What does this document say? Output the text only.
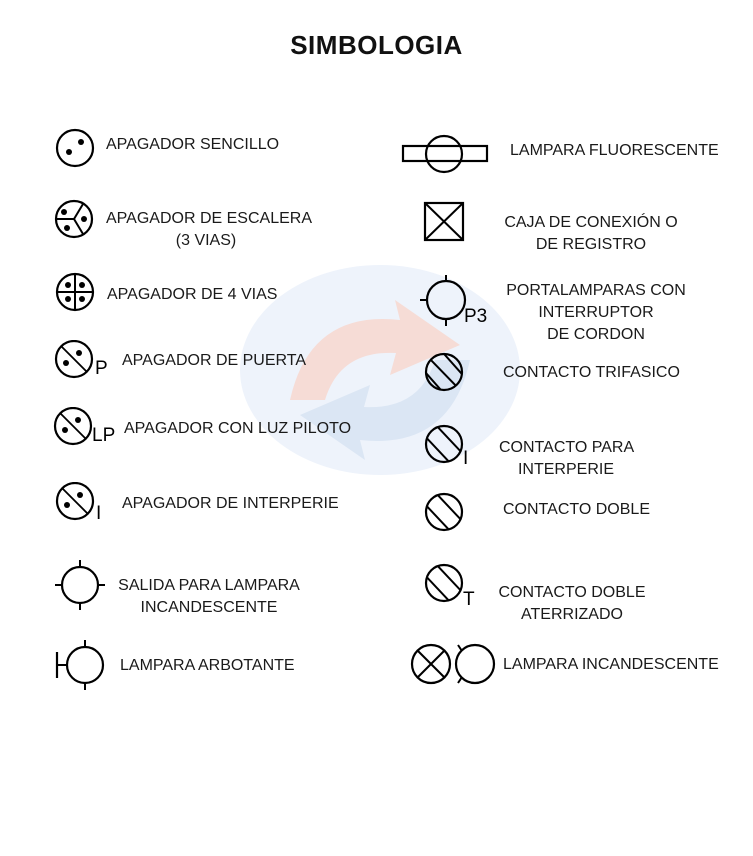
SIMBOLOGIA
APAGADOR SENCILLO
APAGADOR DE ESCALERA
(3 VIAS)
APAGADOR DE 4 VIAS
P APAGADOR DE PUERTA
LP APAGADOR CON LUZ PILOTO
I APAGADOR DE INTERPERIE
SALIDA PARA LAMPARA
INCANDESCENTE
LAMPARA ARBOTANTE
LAMPARA FLUORESCENTE
CAJA DE CONEXIÓN O
DE REGISTRO
P3
PORTALAMPARAS CON
INTERRUPTOR
DE CORDON
CONTACTO TRIFASICO
I
CONTACTO PARA
INTERPERIE
CONTACTO DOBLE
T CONTACTO DOBLE
ATERRIZADO
LAMPARA INCANDESCENTE
